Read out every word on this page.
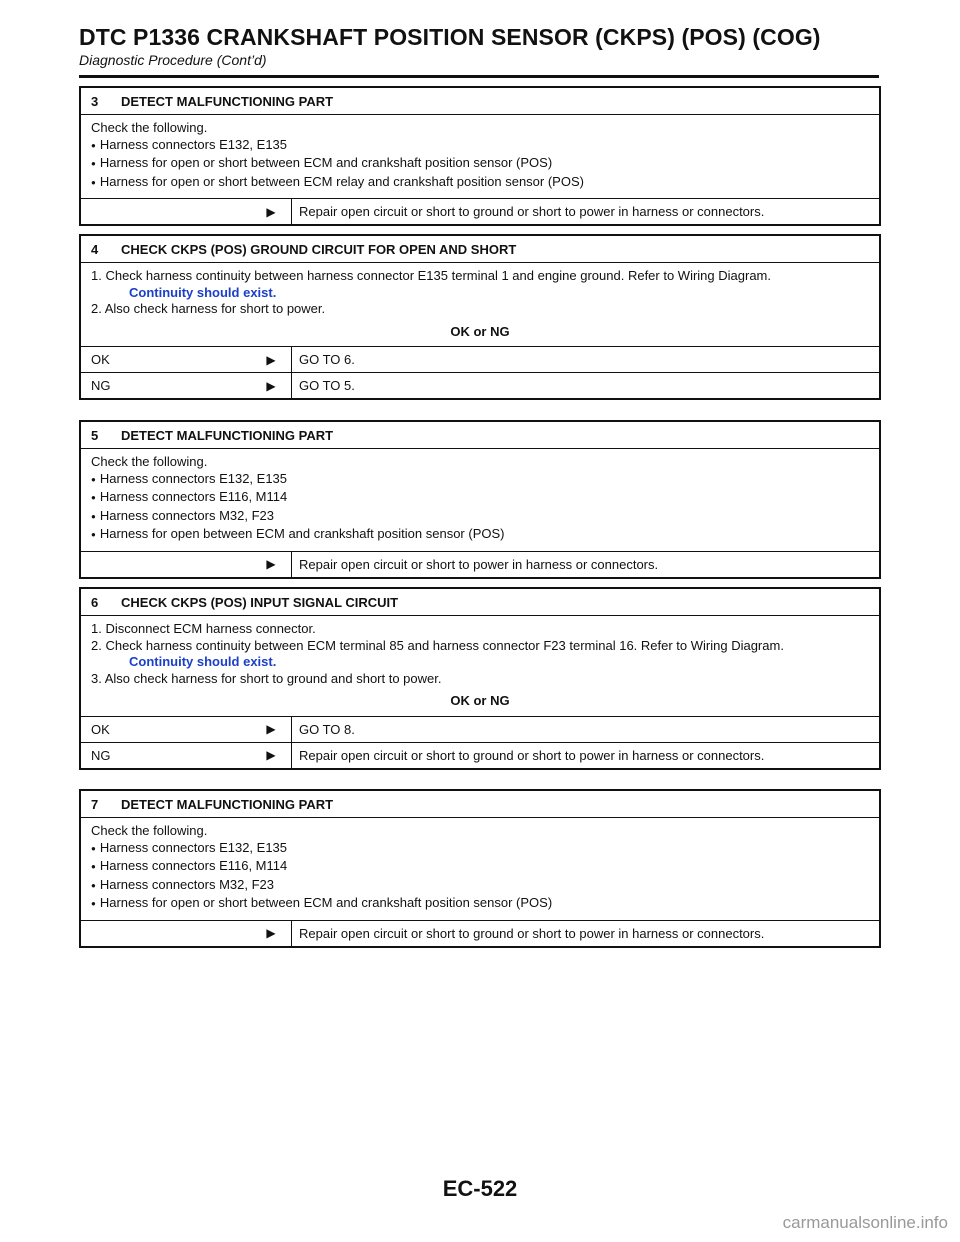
DTC P1336 CRANKSHAFT POSITION SENSOR (CKPS) (POS) (COG)
Diagnostic Procedure (Cont’d)
3	DETECT MALFUNCTIONING PART
Check the following.
● Harness connectors E132, E135
● Harness for open or short between ECM and crankshaft position sensor (POS)
● Harness for open or short between ECM relay and crankshaft position sensor (POS)
▶	Repair open circuit or short to ground or short to power in harness or connectors.
4	CHECK CKPS (POS) GROUND CIRCUIT FOR OPEN AND SHORT
1. Check harness continuity between harness connector E135 terminal 1 and engine ground. Refer to Wiring Diagram.
Continuity should exist.
2. Also check harness for short to power.
OK or NG
OK	▶	GO TO 6.
NG	▶	GO TO 5.
5	DETECT MALFUNCTIONING PART
Check the following.
● Harness connectors E132, E135
● Harness connectors E116, M114
● Harness connectors M32, F23
● Harness for open between ECM and crankshaft position sensor (POS)
▶	Repair open circuit or short to power in harness or connectors.
6	CHECK CKPS (POS) INPUT SIGNAL CIRCUIT
1. Disconnect ECM harness connector.
2. Check harness continuity between ECM terminal 85 and harness connector F23 terminal 16. Refer to Wiring Diagram.
Continuity should exist.
3. Also check harness for short to ground and short to power.
OK or NG
OK	▶	GO TO 8.
NG	▶	Repair open circuit or short to ground or short to power in harness or connectors.
7	DETECT MALFUNCTIONING PART
Check the following.
● Harness connectors E132, E135
● Harness connectors E116, M114
● Harness connectors M32, F23
● Harness for open or short between ECM and crankshaft position sensor (POS)
▶	Repair open circuit or short to ground or short to power in harness or connectors.
EC-522
carmanualsonline.info
